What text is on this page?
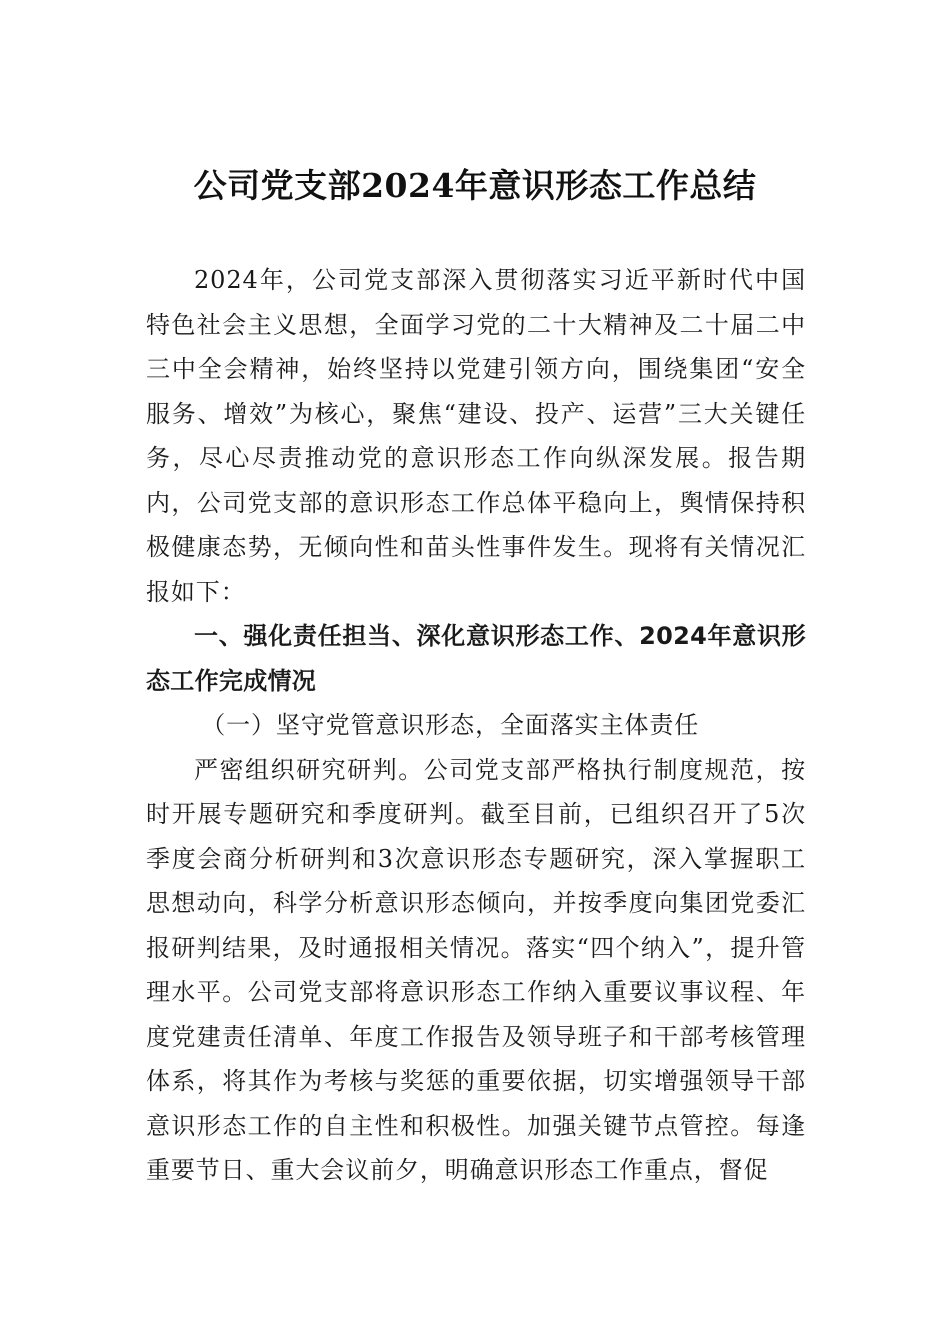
公司党支部2024年意识形态工作总结

2024年，公司党支部深入贯彻落实习近平新时代中国特色社会主义思想，全面学习党的二十大精神及二十届二中三中全会精神，始终坚持以党建引领方向，围绕集团“安全服务、增效”为核心，聚焦“建设、投产、运营”三大关键任务，尽心尽责推动党的意识形态工作向纵深发展。报告期内，公司党支部的意识形态工作总体平稳向上，舆情保持积极健康态势，无倾向性和苗头性事件发生。现将有关情况汇报如下：

一、强化责任担当、深化意识形态工作、2024年意识形态工作完成情况

（一）坚守党管意识形态，全面落实主体责任

严密组织研究研判。公司党支部严格执行制度规范，按时开展专题研究和季度研判。截至目前，已组织召开了5次季度会商分析研判和3次意识形态专题研究，深入掌握职工思想动向，科学分析意识形态倾向，并按季度向集团党委汇报研判结果，及时通报相关情况。落实“四个纳入”，提升管理水平。公司党支部将意识形态工作纳入重要议事议程、年度党建责任清单、年度工作报告及领导班子和干部考核管理体系，将其作为考核与奖惩的重要依据，切实增强领导干部意识形态工作的自主性和积极性。加强关键节点管控。每逢重要节日、重大会议前夕，明确意识形态工作重点，督促
